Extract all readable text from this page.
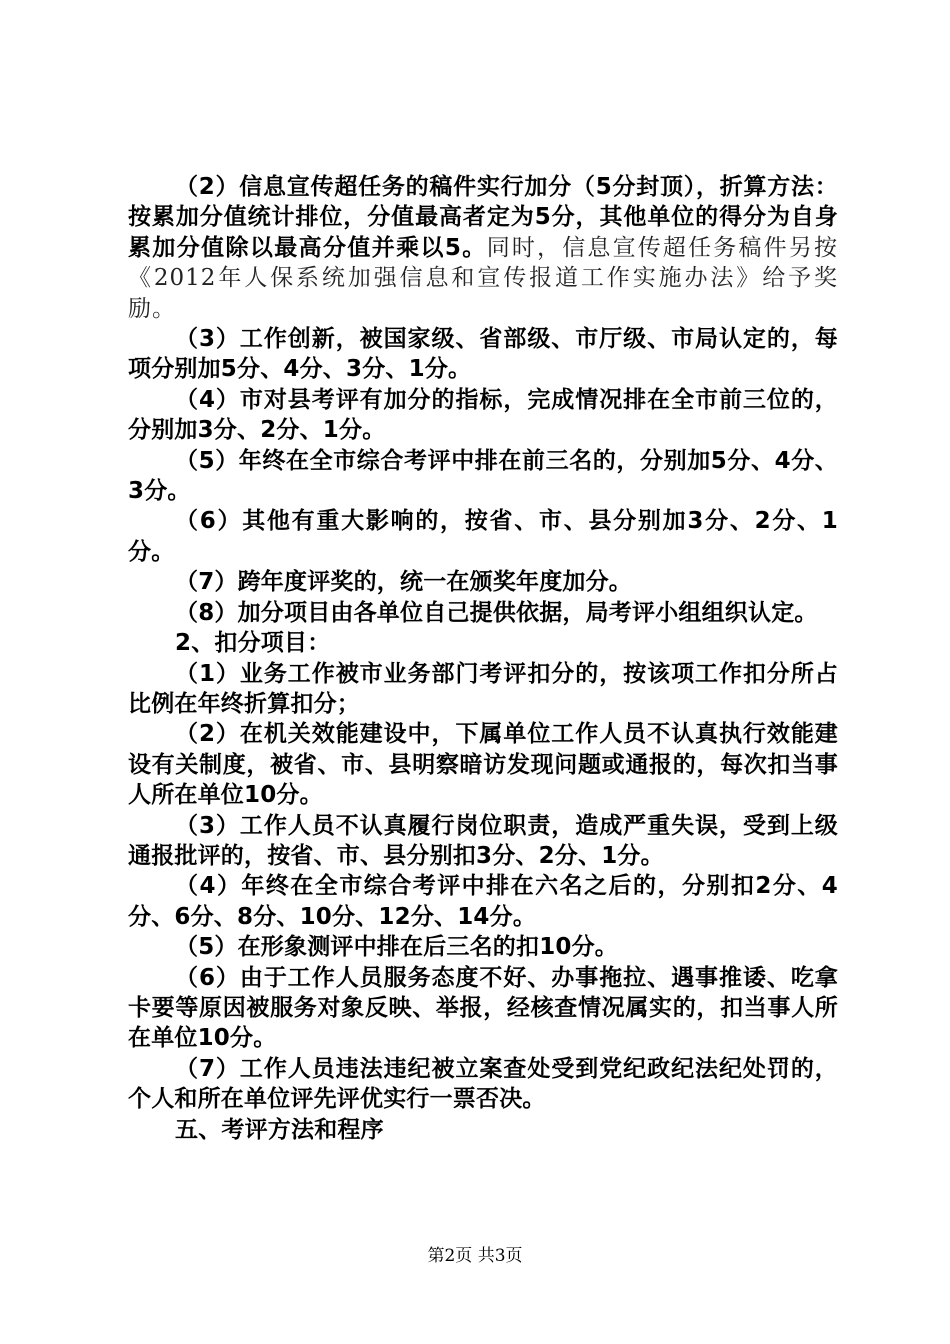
（2）信息宣传超任务的稿件实行加分（5分封顶），折算方法：按累加分值统计排位，分值最高者定为5分，其他单位的得分为自身累加分值除以最高分值并乘以5。同时，信息宣传超任务稿件另按《2012年人保系统加强信息和宣传报道工作实施办法》给予奖励。

（3）工作创新，被国家级、省部级、市厅级、市局认定的，每项分别加5分、4分、3分、1分。

（4）市对县考评有加分的指标，完成情况排在全市前三位的，分别加3分、2分、1分。

（5）年终在全市综合考评中排在前三名的，分别加5分、4分、3分。

（6）其他有重大影响的，按省、市、县分别加3分、2分、1分。

（7）跨年度评奖的，统一在颁奖年度加分。

（8）加分项目由各单位自己提供依据，局考评小组组织认定。

2、扣分项目：

（1）业务工作被市业务部门考评扣分的，按该项工作扣分所占比例在年终折算扣分；

（2）在机关效能建设中，下属单位工作人员不认真执行效能建设有关制度，被省、市、县明察暗访发现问题或通报的，每次扣当事人所在单位10分。

（3）工作人员不认真履行岗位职责，造成严重失误，受到上级通报批评的，按省、市、县分别扣3分、2分、1分。

（4）年终在全市综合考评中排在六名之后的，分别扣2分、4分、6分、8分、10分、12分、14分。

（5）在形象测评中排在后三名的扣10分。

（6）由于工作人员服务态度不好、办事拖拉、遇事推诿、吃拿卡要等原因被服务对象反映、举报，经核查情况属实的，扣当事人所在单位10分。

（7）工作人员违法违纪被立案查处受到党纪政纪法纪处罚的，个人和所在单位评先评优实行一票否决。

五、考评方法和程序

第2页 共3页
